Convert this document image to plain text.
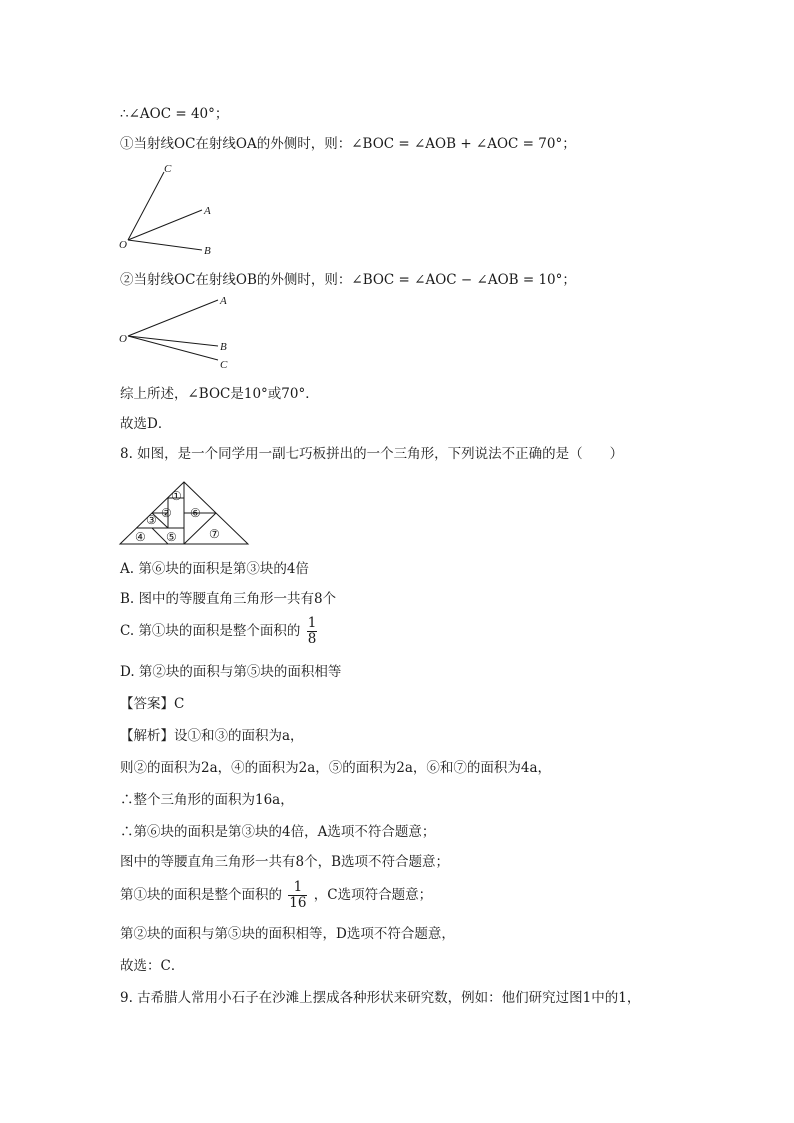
∴∠AOC = 40°；
①当射线OC在射线OA的外侧时，则：∠BOC = ∠AOB + ∠AOC = 70°；
O
C
A
B
②当射线OC在射线OB的外侧时，则：∠BOC = ∠AOC − ∠AOB = 10°；
O
A
B
C
综上所述，∠BOC是10°或70°．
故选D．
8. 如图，是一个同学用一副七巧板拼出的一个三角形，下列说法不正确的是（　　）
①
②
③
④ ⑤
⑥
⑦
A. 第⑥块的面积是第③块的4倍
B. 图中的等腰直角三角形一共有8个
C. 第①块的面积是整个面积的 $\frac{1}{8}$
D. 第②块的面积与第⑤块的面积相等
【答案】C
【解析】设①和③的面积为a，
则②的面积为2a，④的面积为2a，⑤的面积为2a，⑥和⑦的面积为4a，
∴整个三角形的面积为16a，
∴第⑥块的面积是第③块的4倍，A选项不符合题意；
图中的等腰直角三角形一共有8个，B选项不符合题意；
第①块的面积是整个面积的 $\frac{1}{16}$ ，C选项符合题意；
第②块的面积与第⑤块的面积相等，D选项不符合题意，
故选：C．
9. 古希腊人常用小石子在沙滩上摆成各种形状来研究数，例如：他们研究过图1中的1，
